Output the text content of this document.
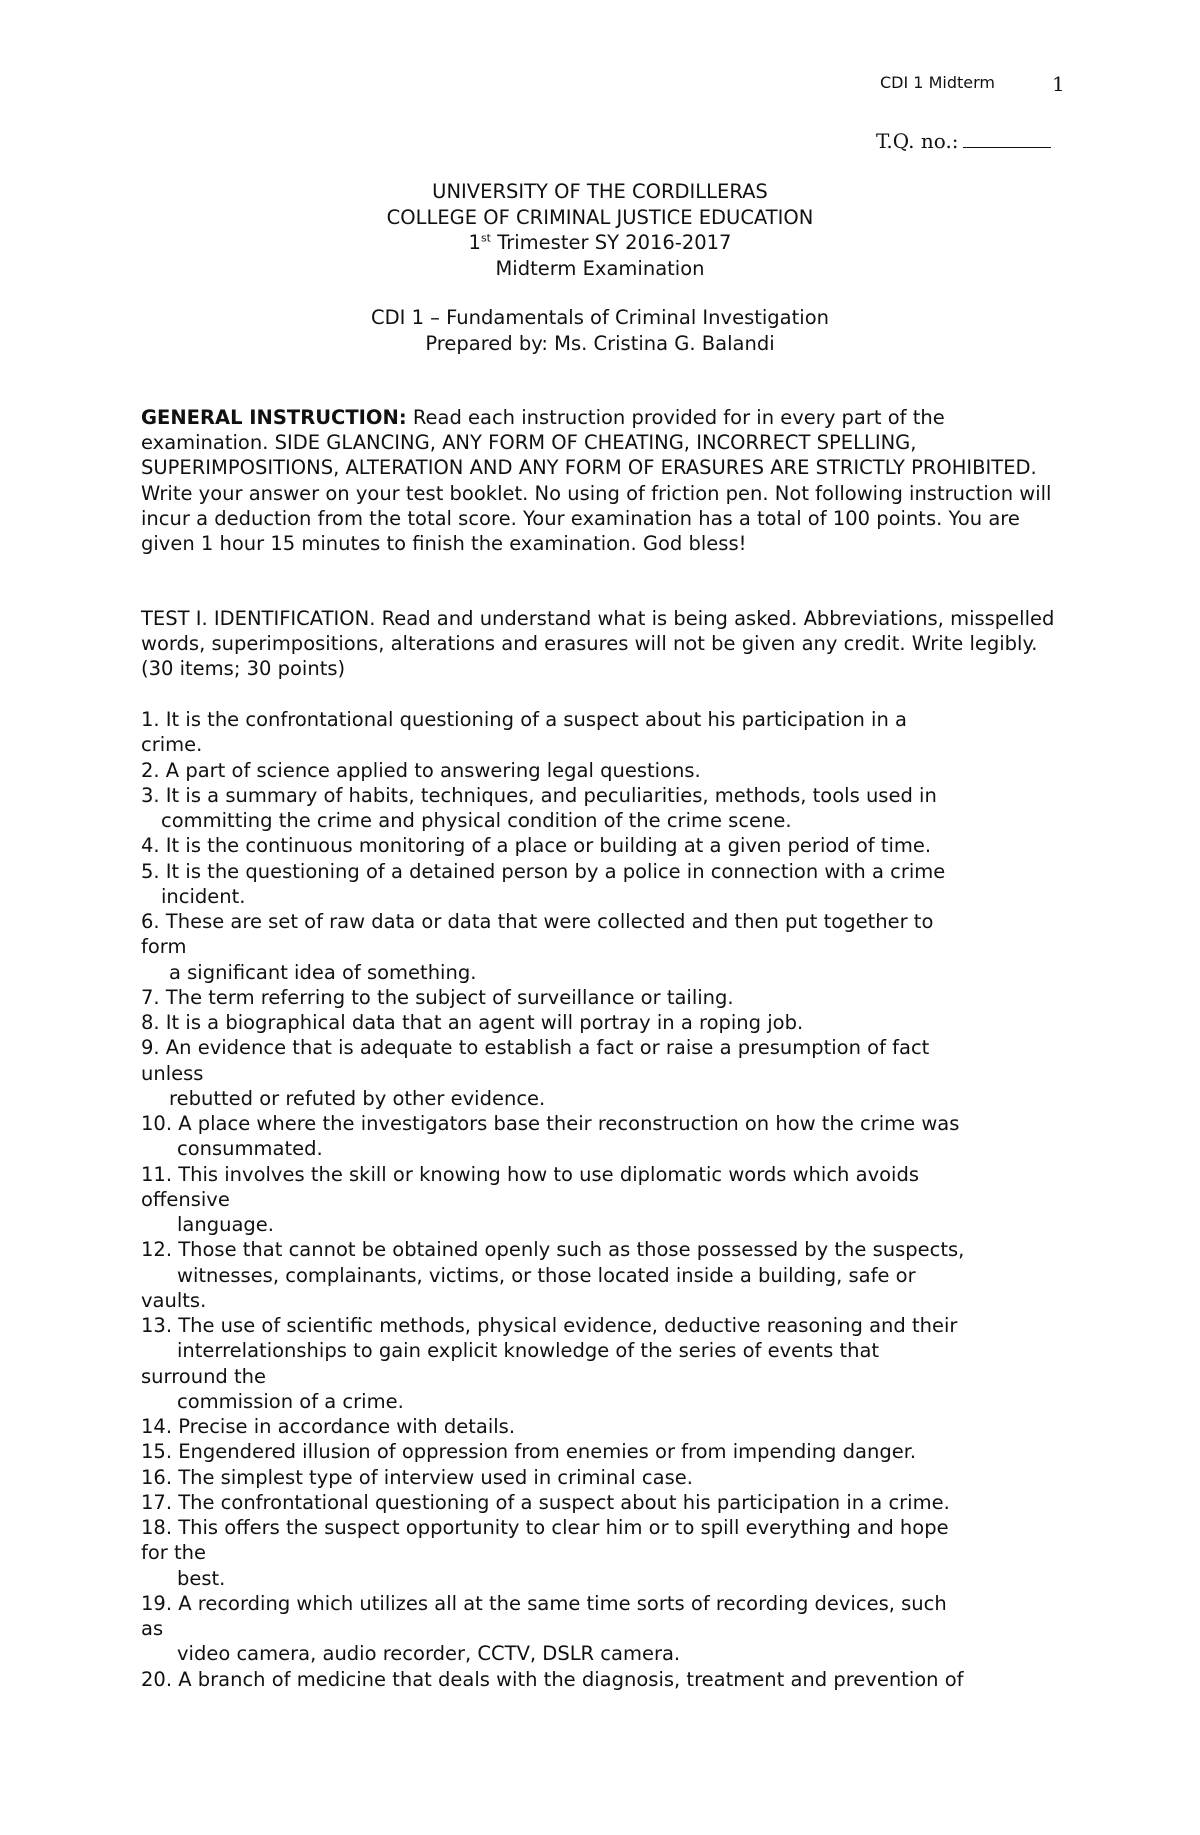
CDI 1 Midterm	1
T.Q. no.:
UNIVERSITY OF THE CORDILLERAS
COLLEGE OF CRIMINAL JUSTICE EDUCATION
1st Trimester SY 2016-2017
Midterm Examination
CDI 1 – Fundamentals of Criminal Investigation
Prepared by: Ms. Cristina G. Balandi
GENERAL INSTRUCTION: Read each instruction provided for in every part of the examination. SIDE GLANCING, ANY FORM OF CHEATING, INCORRECT SPELLING, SUPERIMPOSITIONS, ALTERATION AND ANY FORM OF ERASURES ARE STRICTLY PROHIBITED. Write your answer on your test booklet. No using of friction pen. Not following instruction will incur a deduction from the total score. Your examination has a total of 100 points. You are given 1 hour 15 minutes to finish the examination. God bless!
TEST I. IDENTIFICATION. Read and understand what is being asked. Abbreviations, misspelled words, superimpositions, alterations and erasures will not be given any credit. Write legibly. (30 items; 30 points)
1. It is the confrontational questioning of a suspect about his participation in a
crime.
2. A part of science applied to answering legal questions.
3. It is a summary of habits, techniques, and peculiarities, methods, tools used in
committing the crime and physical condition of the crime scene.
4. It is the continuous monitoring of a place or building at a given period of time.
5. It is the questioning of a detained person by a police in connection with a crime
incident.
6. These are set of raw data or data that were collected and then put together to
form
a significant idea of something.
7. The term referring to the subject of surveillance or tailing.
8. It is a biographical data that an agent will portray in a roping job.
9. An evidence that is adequate to establish a fact or raise a presumption of fact
unless
rebutted or refuted by other evidence.
10. A place where the investigators base their reconstruction on how the crime was
consummated.
11. This involves the skill or knowing how to use diplomatic words which avoids
offensive
language.
12. Those that cannot be obtained openly such as those possessed by the suspects,
witnesses, complainants, victims, or those located inside a building, safe or
vaults.
13. The use of scientific methods, physical evidence, deductive reasoning and their
interrelationships to gain explicit knowledge of the series of events that
surround the
commission of a crime.
14. Precise in accordance with details.
15. Engendered illusion of oppression from enemies or from impending danger.
16. The simplest type of interview used in criminal case.
17. The confrontational questioning of a suspect about his participation in a crime.
18. This offers the suspect opportunity to clear him or to spill everything and hope
for the
best.
19. A recording which utilizes all at the same time sorts of recording devices, such
as
video camera, audio recorder, CCTV, DSLR camera.
20. A branch of medicine that deals with the diagnosis, treatment and prevention of
